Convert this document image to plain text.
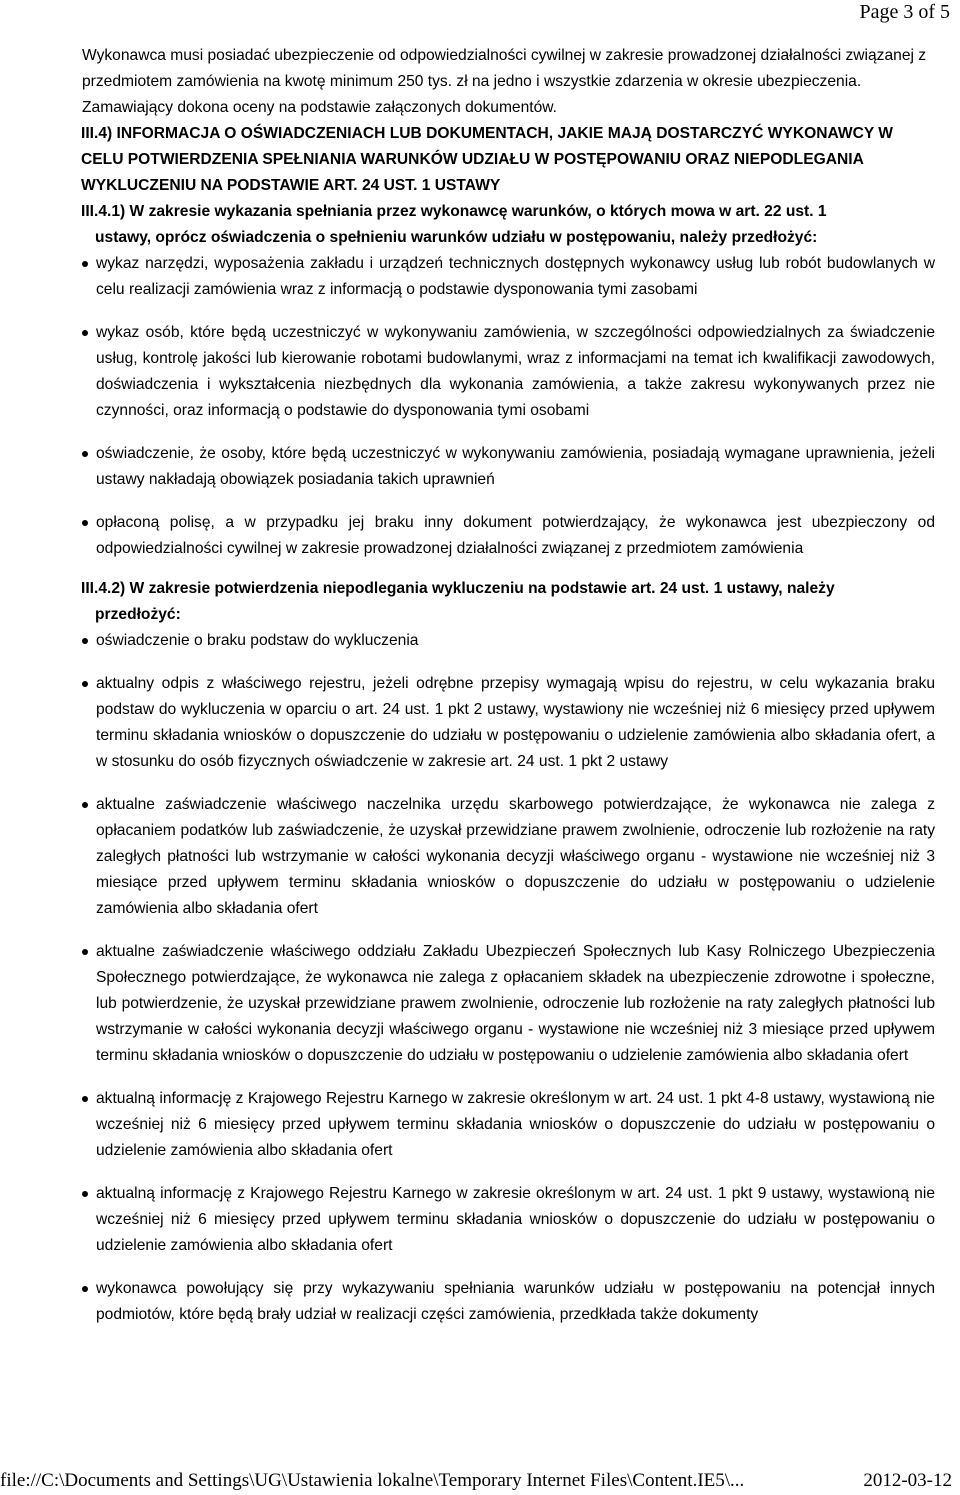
Page 3 of 5

Wykonawca musi posiadać ubezpieczenie od odpowiedzialności cywilnej w zakresie prowadzonej działalności związanej z przedmiotem zamówienia na kwotę minimum 250 tys. zł na jedno i wszystkie zdarzenia w okresie ubezpieczenia. Zamawiający dokona oceny na podstawie załączonych dokumentów.

III.4) INFORMACJA O OŚWIADCZENIACH LUB DOKUMENTACH, JAKIE MAJĄ DOSTARCZYĆ WYKONAWCY W CELU POTWIERDZENIA SPEŁNIANIA WARUNKÓW UDZIAŁU W POSTĘPOWANIU ORAZ NIEPODLEGANIA WYKLUCZENIU NA PODSTAWIE ART. 24 UST. 1 USTAWY
III.4.1) W zakresie wykazania spełniania przez wykonawcę warunków, o których mowa w art. 22 ust. 1
ustawy, oprócz oświadczenia o spełnieniu warunków udziału w postępowaniu, należy przedłożyć:
wykaz narzędzi, wyposażenia zakładu i urządzeń technicznych dostępnych wykonawcy usług lub robót budowlanych w celu realizacji zamówienia wraz z informacją o podstawie dysponowania tymi zasobami
wykaz osób, które będą uczestniczyć w wykonywaniu zamówienia, w szczególności odpowiedzialnych za świadczenie usług, kontrolę jakości lub kierowanie robotami budowlanymi, wraz z informacjami na temat ich kwalifikacji zawodowych, doświadczenia i wykształcenia niezbędnych dla wykonania zamówienia, a także zakresu wykonywanych przez nie czynności, oraz informacją o podstawie do dysponowania tymi osobami
oświadczenie, że osoby, które będą uczestniczyć w wykonywaniu zamówienia, posiadają wymagane uprawnienia, jeżeli ustawy nakładają obowiązek posiadania takich uprawnień
opłaconą polisę, a w przypadku jej braku inny dokument potwierdzający, że wykonawca jest ubezpieczony od odpowiedzialności cywilnej w zakresie prowadzonej działalności związanej z przedmiotem zamówienia
III.4.2) W zakresie potwierdzenia niepodlegania wykluczeniu na podstawie art. 24 ust. 1 ustawy, należy
przedłożyć:
oświadczenie o braku podstaw do wykluczenia
aktualny odpis z właściwego rejestru, jeżeli odrębne przepisy wymagają wpisu do rejestru, w celu wykazania braku podstaw do wykluczenia w oparciu o art. 24 ust. 1 pkt 2 ustawy, wystawiony nie wcześniej niż 6 miesięcy przed upływem terminu składania wniosków o dopuszczenie do udziału w postępowaniu o udzielenie zamówienia albo składania ofert, a w stosunku do osób fizycznych oświadczenie w zakresie art. 24 ust. 1 pkt 2 ustawy
aktualne zaświadczenie właściwego naczelnika urzędu skarbowego potwierdzające, że wykonawca nie zalega z opłacaniem podatków lub zaświadczenie, że uzyskał przewidziane prawem zwolnienie, odroczenie lub rozłożenie na raty zaległych płatności lub wstrzymanie w całości wykonania decyzji właściwego organu - wystawione nie wcześniej niż 3 miesiące przed upływem terminu składania wniosków o dopuszczenie do udziału w postępowaniu o udzielenie zamówienia albo składania ofert
aktualne zaświadczenie właściwego oddziału Zakładu Ubezpieczeń Społecznych lub Kasy Rolniczego Ubezpieczenia Społecznego potwierdzające, że wykonawca nie zalega z opłacaniem składek na ubezpieczenie zdrowotne i społeczne, lub potwierdzenie, że uzyskał przewidziane prawem zwolnienie, odroczenie lub rozłożenie na raty zaległych płatności lub wstrzymanie w całości wykonania decyzji właściwego organu - wystawione nie wcześniej niż 3 miesiące przed upływem terminu składania wniosków o dopuszczenie do udziału w postępowaniu o udzielenie zamówienia albo składania ofert
aktualną informację z Krajowego Rejestru Karnego w zakresie określonym w art. 24 ust. 1 pkt 4-8 ustawy, wystawioną nie wcześniej niż 6 miesięcy przed upływem terminu składania wniosków o dopuszczenie do udziału w postępowaniu o udzielenie zamówienia albo składania ofert
aktualną informację z Krajowego Rejestru Karnego w zakresie określonym w art. 24 ust. 1 pkt 9 ustawy, wystawioną nie wcześniej niż 6 miesięcy przed upływem terminu składania wniosków o dopuszczenie do udziału w postępowaniu o udzielenie zamówienia albo składania ofert
wykonawca powołujący się przy wykazywaniu spełniania warunków udziału w postępowaniu na potencjał innych podmiotów, które będą brały udział w realizacji części zamówienia, przedkłada także dokumenty
file://C:\Documents and Settings\UG\Ustawienia lokalne\Temporary Internet Files\Content.IE5\...	2012-03-12
